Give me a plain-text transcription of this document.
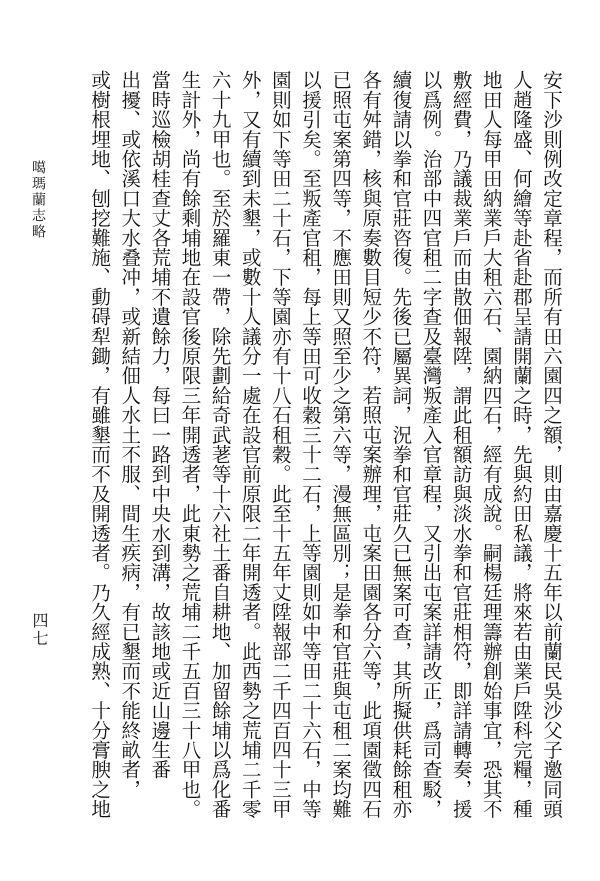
安下沙則例改定章程，而所有田六園四之額，則由嘉慶十五年以前蘭民吳沙父子邀同頭

人趙隆盛、何繪等赴省赴郡呈請開蘭之時，先與約田私議，將來若由業戶陞科完糧，種

地田人每甲田納業戶大租六石、園納四石，經有成說。嗣楊廷理籌辦創始事宜，恐其不

敷經費，乃議裁業戶而由散佃報陞，謂此租額訪與淡水拳和官莊相符，即詳請轉奏，援

以爲例。治部中四官租二字查及臺灣叛產入官章程，又引出屯案詳請改正，爲司查駁，

續復請以拳和官莊咨復。先後已屬異詞，況拳和官莊久已無案可查，其所擬供耗餘租亦

各有舛錯，核與原奏數目短少不符，若照屯案辦理，屯案田園各分六等，此項園徵四石

已照屯案第四等，不應田則又照至少之第六等，漫無區別；是拳和官莊與屯租二案均難

以援引矣。至叛產官租，每上等田可收穀三十二石，上等園則如中等田二十六石，中等

園則如下等田二十石，下等園亦有十八石租穀。此至十五年丈陞報部二千四百四十三甲

外，又有續到未墾，或數十人議分一處在設官前原限二年開透者。此西勢之荒埔二千零

六十九甲也。至於羅東一帶，除先劃給奇武荖等十六社土番自耕地、加留餘埔以爲化番

生計外，尚有餘剩埔地在設官後原限三年開透者，此東勢之荒埔二千五百三十八甲也。

當時巡檢胡桂查丈各荒埔不遺餘力，每曰一路到中央水到溝，故該地或近山邊生番

出擾、或依溪口大水叠冲，或新結佃人水土不服、間生疾病，有已墾而不能終畝者，

或樹根埋地、刨挖難施、動碍犁鋤，有雖墾而不及開透者。乃久經成熟、十分膏腴之地

噶瑪蘭志略
四七
